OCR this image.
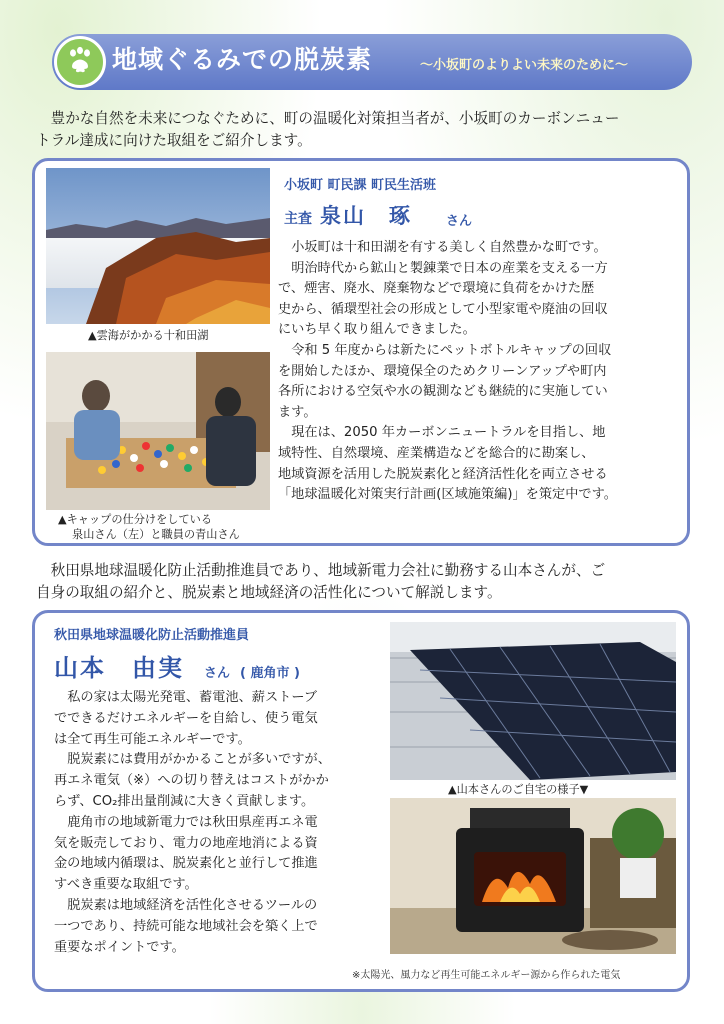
地域ぐるみでの脱炭素	～小坂町のよりよい未来のために～
豊かな自然を未来につなぐために、町の温暖化対策担当者が、小坂町のカーボンニュー
トラル達成に向けた取組をご紹介します。
▲雲海がかかる十和田湖
▲キャップの仕分けをしている
泉山さん（左）と職員の青山さん
小坂町 町民課 町民生活班
主査 泉山　琢	さん

小坂町は十和田湖を有する美しく自然豊かな町です。

明治時代から鉱山と製錬業で日本の産業を支える一方

で、煙害、廃水、廃棄物などで環境に負荷をかけた歴

史から、循環型社会の形成として小型家電や廃油の回収

にいち早く取り組んできました。

令和 5 年度からは新たにペットボトルキャップの回収

を開始したほか、環境保全のためクリーンアップや町内

各所における空気や水の観測なども継続的に実施してい

ます。

現在は、2050 年カーボンニュートラルを目指し、地

域特性、自然環境、産業構造などを総合的に勘案し、

地域資源を活用した脱炭素化と経済活性化を両立させる

「地球温暖化対策実行計画(区域施策編)」を策定中です。

秋田県地球温暖化防止活動推進員であり、地域新電力会社に勤務する山本さんが、ご
自身の取組の紹介と、脱炭素と地域経済の活性化について解説します。
秋田県地球温暖化防止活動推進員
山本　由実 さん ( 鹿角市 )

私の家は太陽光発電、蓄電池、薪ストーブ

でできるだけエネルギーを自給し、使う電気

は全て再生可能エネルギーです。

脱炭素には費用がかかることが多いですが、

再エネ電気（※）への切り替えはコストがかか

らず、CO₂排出量削減に大きく貢献します。

鹿角市の地域新電力では秋田県産再エネ電

気を販売しており、電力の地産地消による資

金の地域内循環は、脱炭素化と並行して推進

すべき重要な取組です。

脱炭素は地域経済を活性化させるツールの

一つであり、持続可能な地域社会を築く上で

重要なポイントです。

▲山本さんのご自宅の様子▼
※太陽光、風力など再生可能エネルギー源から作られた電気
